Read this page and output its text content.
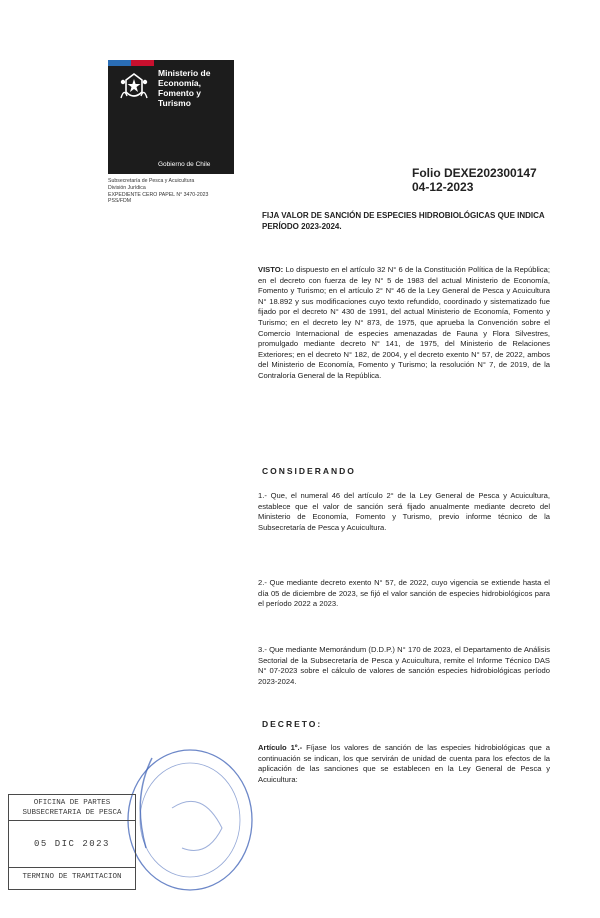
Ministerio de
Economía,
Fomento y
Turismo
Gobierno de Chile
Subsecretaría de Pesca y Acuicultura
División Jurídica
EXPEDIENTE CERO PAPEL N° 3470-2023
PSS/FDM
Folio DEXE202300147
04-12-2023
FIJA VALOR DE SANCIÓN DE ESPECIES HIDROBIOLÓGICAS QUE INDICA PERÍODO 2023-2024.
VISTO: Lo dispuesto en el artículo 32 N° 6 de la Constitución Política de la República; en el decreto con fuerza de ley N° 5 de 1983 del actual Ministerio de Economía, Fomento y Turismo; en el artículo 2° N° 46 de la Ley General de Pesca y Acuicultura N° 18.892 y sus modificaciones cuyo texto refundido, coordinado y sistematizado fue fijado por el decreto N° 430 de 1991, del actual Ministerio de Economía, Fomento y Turismo; en el decreto ley N° 873, de 1975, que aprueba la Convención sobre el Comercio Internacional de especies amenazadas de Fauna y Flora Silvestres, promulgado mediante decreto N° 141, de 1975, del Ministerio de Relaciones Exteriores; en el decreto N° 182, de 2004, y el decreto exento N° 57, de 2022, ambos del Ministerio de Economía, Fomento y Turismo; la resolución N° 7, de 2019, de la Contraloría General de la República.
CONSIDERANDO
1.- Que, el numeral 46 del artículo 2° de la Ley General de Pesca y Acuicultura, establece que el valor de sanción será fijado anualmente mediante decreto del Ministerio de Economía, Fomento y Turismo, previo informe técnico de la Subsecretaría de Pesca y Acuicultura.
2.- Que mediante decreto exento N° 57, de 2022, cuyo vigencia se extiende hasta el día 05 de diciembre de 2023, se fijó el valor sanción de especies hidrobiológicos para el período 2022 a 2023.
3.- Que mediante Memorándum (D.D.P.) N° 170 de 2023, el Departamento de Análisis Sectorial de la Subsecretaría de Pesca y Acuicultura, remite el Informe Técnico DAS N° 07-2023 sobre el cálculo de valores de sanción especies hidrobiológicas período 2023-2024.
DECRETO:
Artículo 1º.- Fíjase los valores de sanción de las especies hidrobiológicas que a continuación se indican, los que servirán de unidad de cuenta para los efectos de la aplicación de las sanciones que se establecen en la Ley General de Pesca y Acuicultura:
OFICINA DE PARTES
SUBSECRETARIA DE PESCA
05 DIC 2023
TERMINO DE TRAMITACION
